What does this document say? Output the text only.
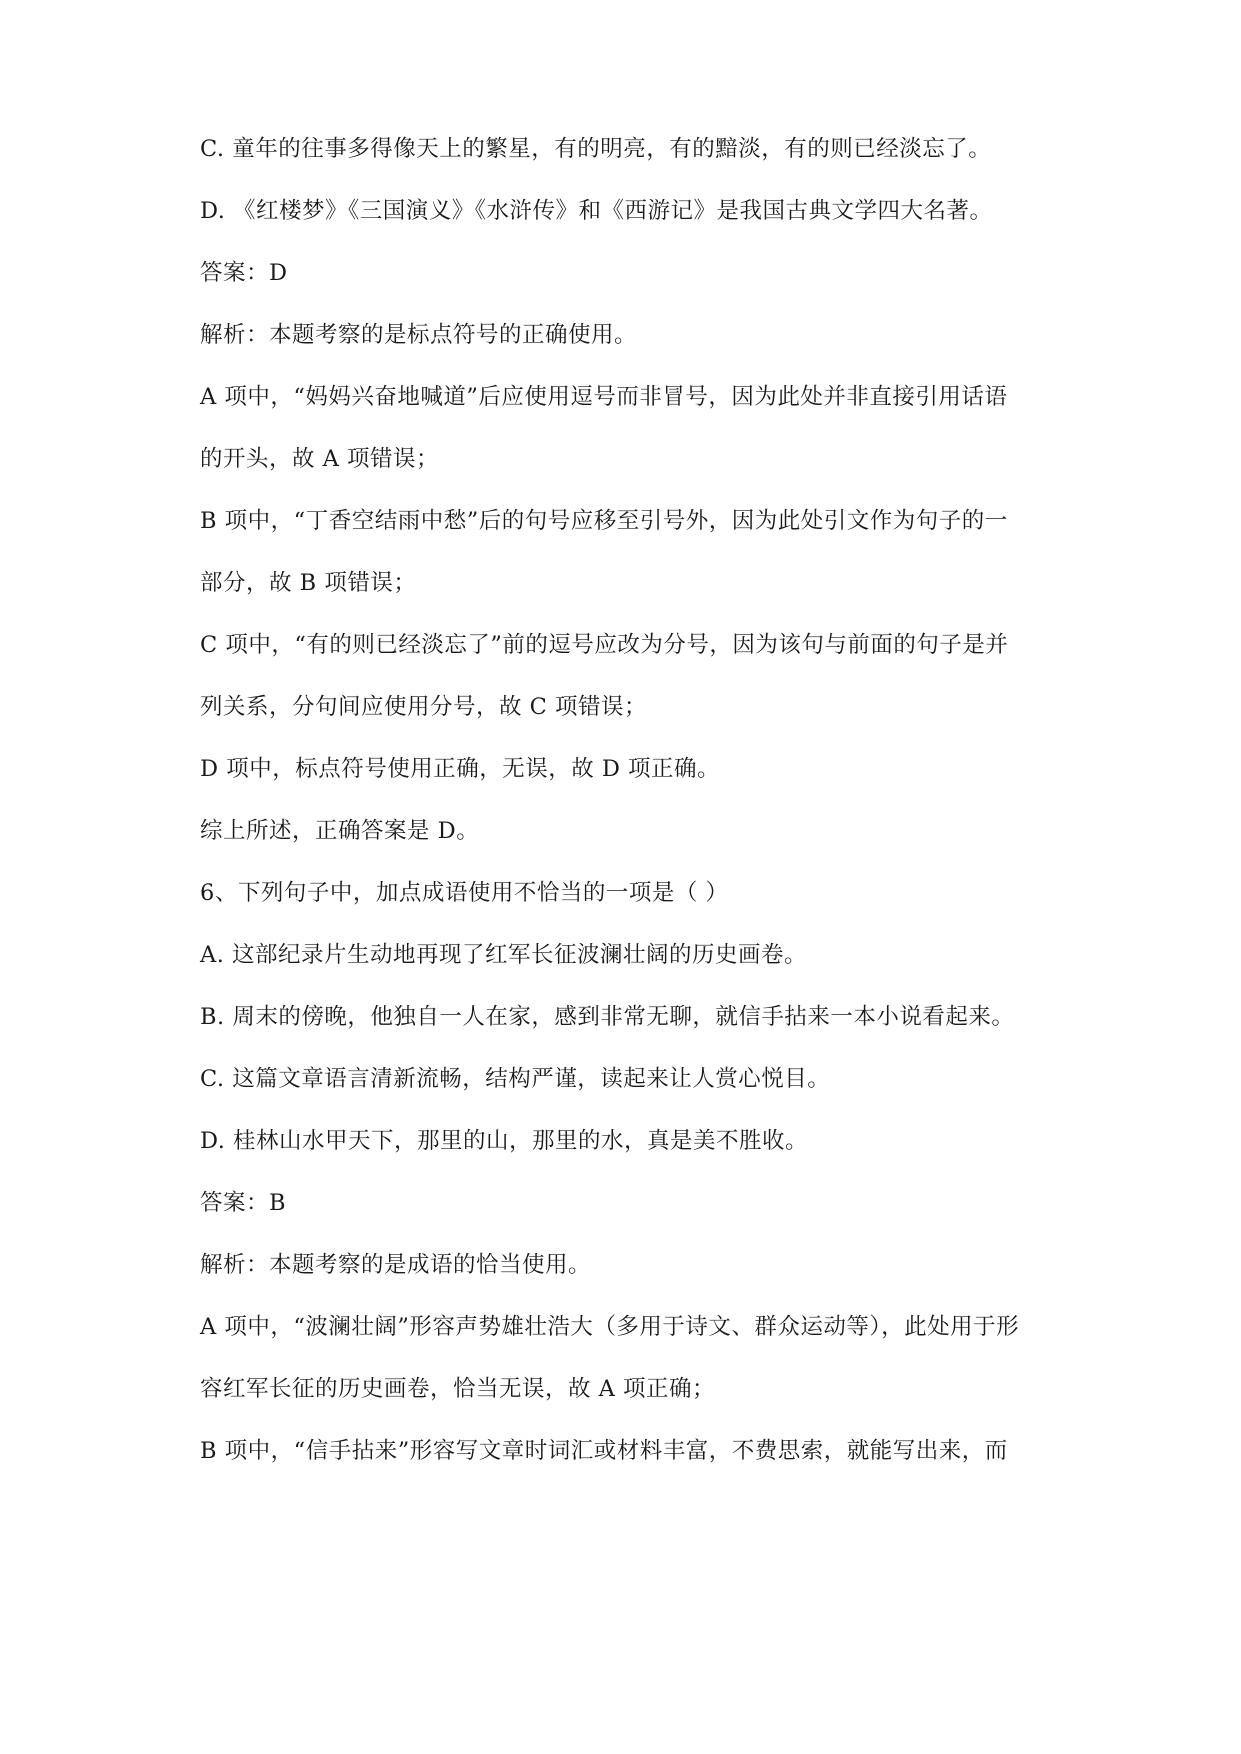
C. 童年的往事多得像天上的繁星，有的明亮，有的黯淡，有的则已经淡忘了。
D. 《红楼梦》《三国演义》《水浒传》和《西游记》是我国古典文学四大名著。
答案：D
解析：本题考察的是标点符号的正确使用。
A 项中，“妈妈兴奋地喊道”后应使用逗号而非冒号，因为此处并非直接引用话语
的开头，故 A 项错误；
B 项中，“丁香空结雨中愁”后的句号应移至引号外，因为此处引文作为句子的一
部分，故 B 项错误；
C 项中，“有的则已经淡忘了”前的逗号应改为分号，因为该句与前面的句子是并
列关系，分句间应使用分号，故 C 项错误；
D 项中，标点符号使用正确，无误，故 D 项正确。
综上所述，正确答案是 D。
6、下列句子中，加点成语使用不恰当的一项是（ ）
A. 这部纪录片生动地再现了红军长征波澜壮阔的历史画卷。
B. 周末的傍晚，他独自一人在家，感到非常无聊，就信手拈来一本小说看起来。
C. 这篇文章语言清新流畅，结构严谨，读起来让人赏心悦目。
D. 桂林山水甲天下，那里的山，那里的水，真是美不胜收。
答案：B
解析：本题考察的是成语的恰当使用。
A 项中，“波澜壮阔”形容声势雄壮浩大（多用于诗文、群众运动等），此处用于形
容红军长征的历史画卷，恰当无误，故 A 项正确；
B 项中，“信手拈来”形容写文章时词汇或材料丰富，不费思索，就能写出来，而
